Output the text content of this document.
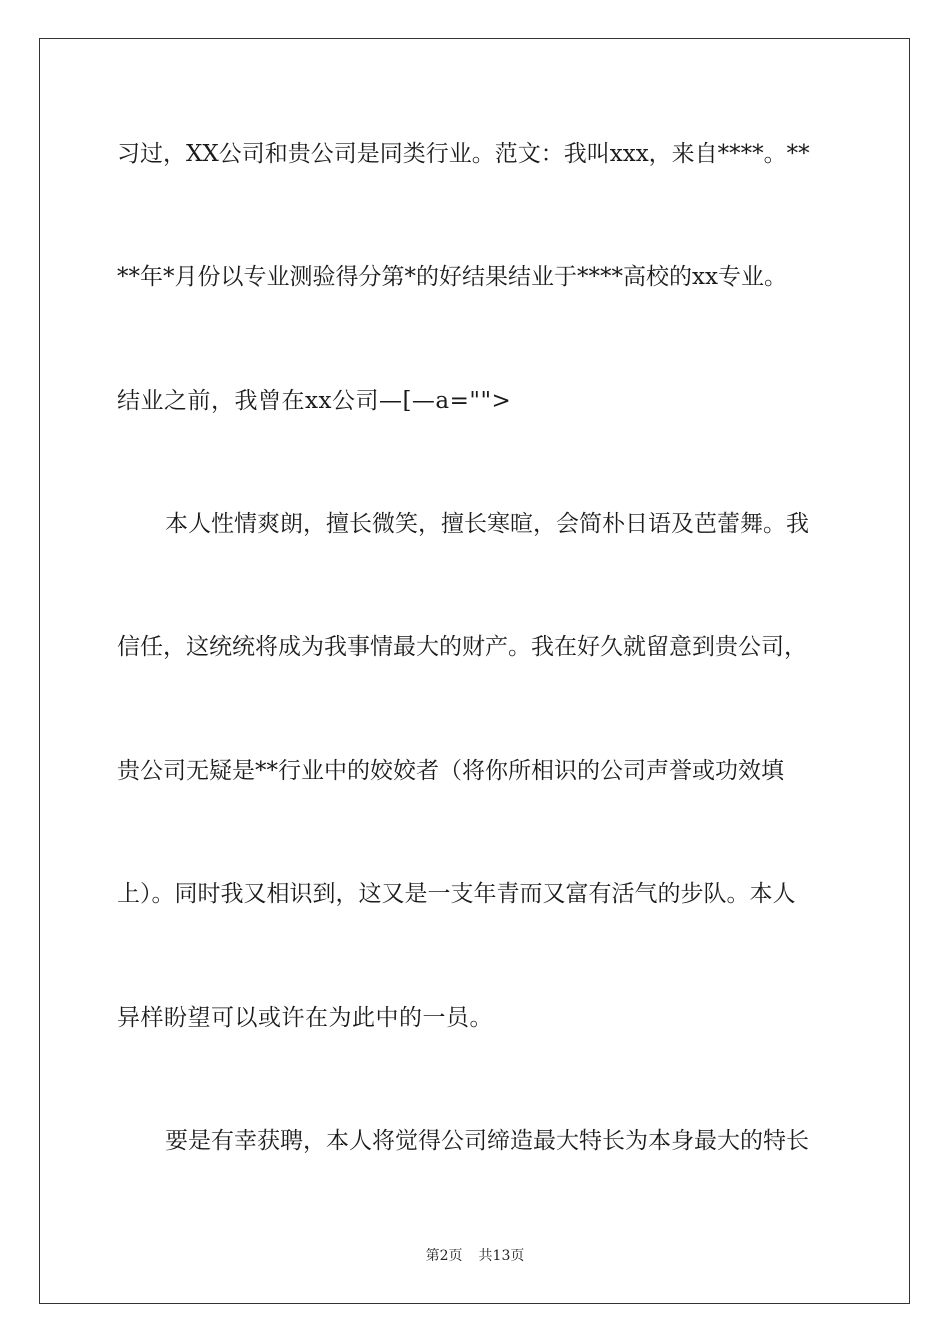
习过，XX公司和贵公司是同类行业。范文：我叫xxx，来自****。**
**年*月份以专业测验得分第*的好结果结业于****高校的xx专业。
结业之前，我曾在xx公司—[—a="">
本人性情爽朗，擅长微笑，擅长寒暄，会简朴日语及芭蕾舞。我
信任，这统统将成为我事情最大的财产。我在好久就留意到贵公司，
贵公司无疑是**行业中的姣姣者（将你所相识的公司声誉或功效填
上）。同时我又相识到，这又是一支年青而又富有活气的步队。本人
异样盼望可以或许在为此中的一员。
要是有幸获聘，本人将觉得公司缔造最大特长为本身最大的特长
第2页 共13页
